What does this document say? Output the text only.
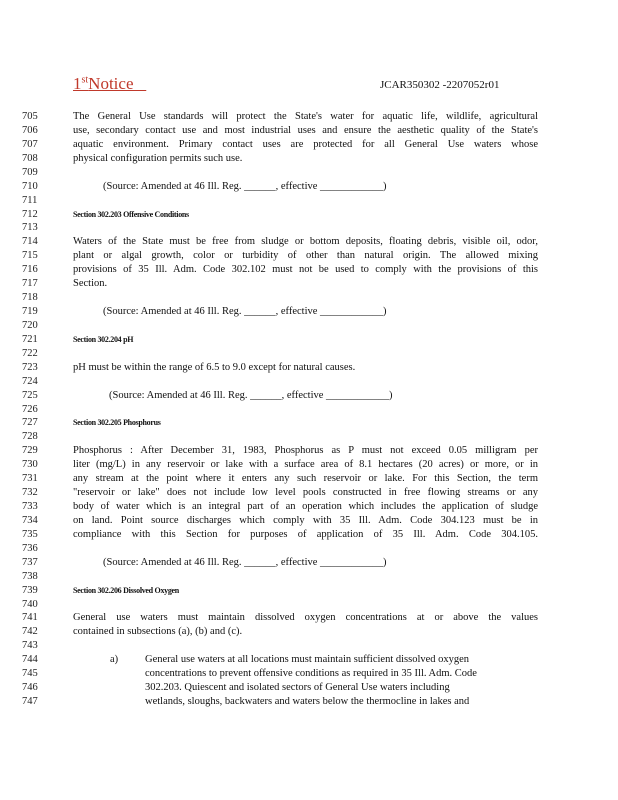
1stNotice	JCAR350302 -2207052r01
705	The General Use standards will protect the State's water for aquatic life, wildlife, agricultural
706	use, secondary contact use and most industrial uses and ensure the aesthetic quality of the State's
707	aquatic environment. Primary contact uses are protected for all General Use waters whose
708	physical configuration permits such use.
709
710	(Source: Amended at 46 Ill. Reg. ______, effective ____________)
711
712	Section 302.203 Offensive Conditions
713
714	Waters of the State must be free from sludge or bottom deposits, floating debris, visible oil, odor,
715	plant or algal growth, color or turbidity of other than natural origin. The allowed mixing
716	provisions of 35 Ill. Adm. Code 302.102 must not be used to comply with the provisions of this
717	Section.
718
719	(Source: Amended at 46 Ill. Reg. ______, effective ____________)
720
721	Section 302.204 pH
722
723	pH must be within the range of 6.5 to 9.0 except for natural causes.
724
725	(Source: Amended at 46 Ill. Reg. ______, effective ____________)
726
727	Section 302.205 Phosphorus
728
729	Phosphorus : After December 31, 1983, Phosphorus as P must not exceed 0.05 milligram per
730	liter (mg/L) in any reservoir or lake with a surface area of 8.1 hectares (20 acres) or more, or in
731	any stream at the point where it enters any such reservoir or lake. For this Section, the term
732	"reservoir or lake" does not include low level pools constructed in free flowing streams or any
733	body of water which is an integral part of an operation which includes the application of sludge
734	on land. Point source discharges which comply with 35 Ill. Adm. Code 304.123 must be in
735	compliance with this Section for purposes of application of 35 Ill. Adm. Code 304.105.
736
737	(Source: Amended at 46 Ill. Reg. ______, effective ____________)
738
739	Section 302.206 Dissolved Oxygen
740
741	General use waters must maintain dissolved oxygen concentrations at or above the values
742	contained in subsections (a), (b) and (c).
743
744	a)	General use waters at all locations must maintain sufficient dissolved oxygen
745	concentrations to prevent offensive conditions as required in 35 Ill. Adm. Code
746	302.203. Quiescent and isolated sectors of General Use waters including
747	wetlands, sloughs, backwaters and waters below the thermocline in lakes and
